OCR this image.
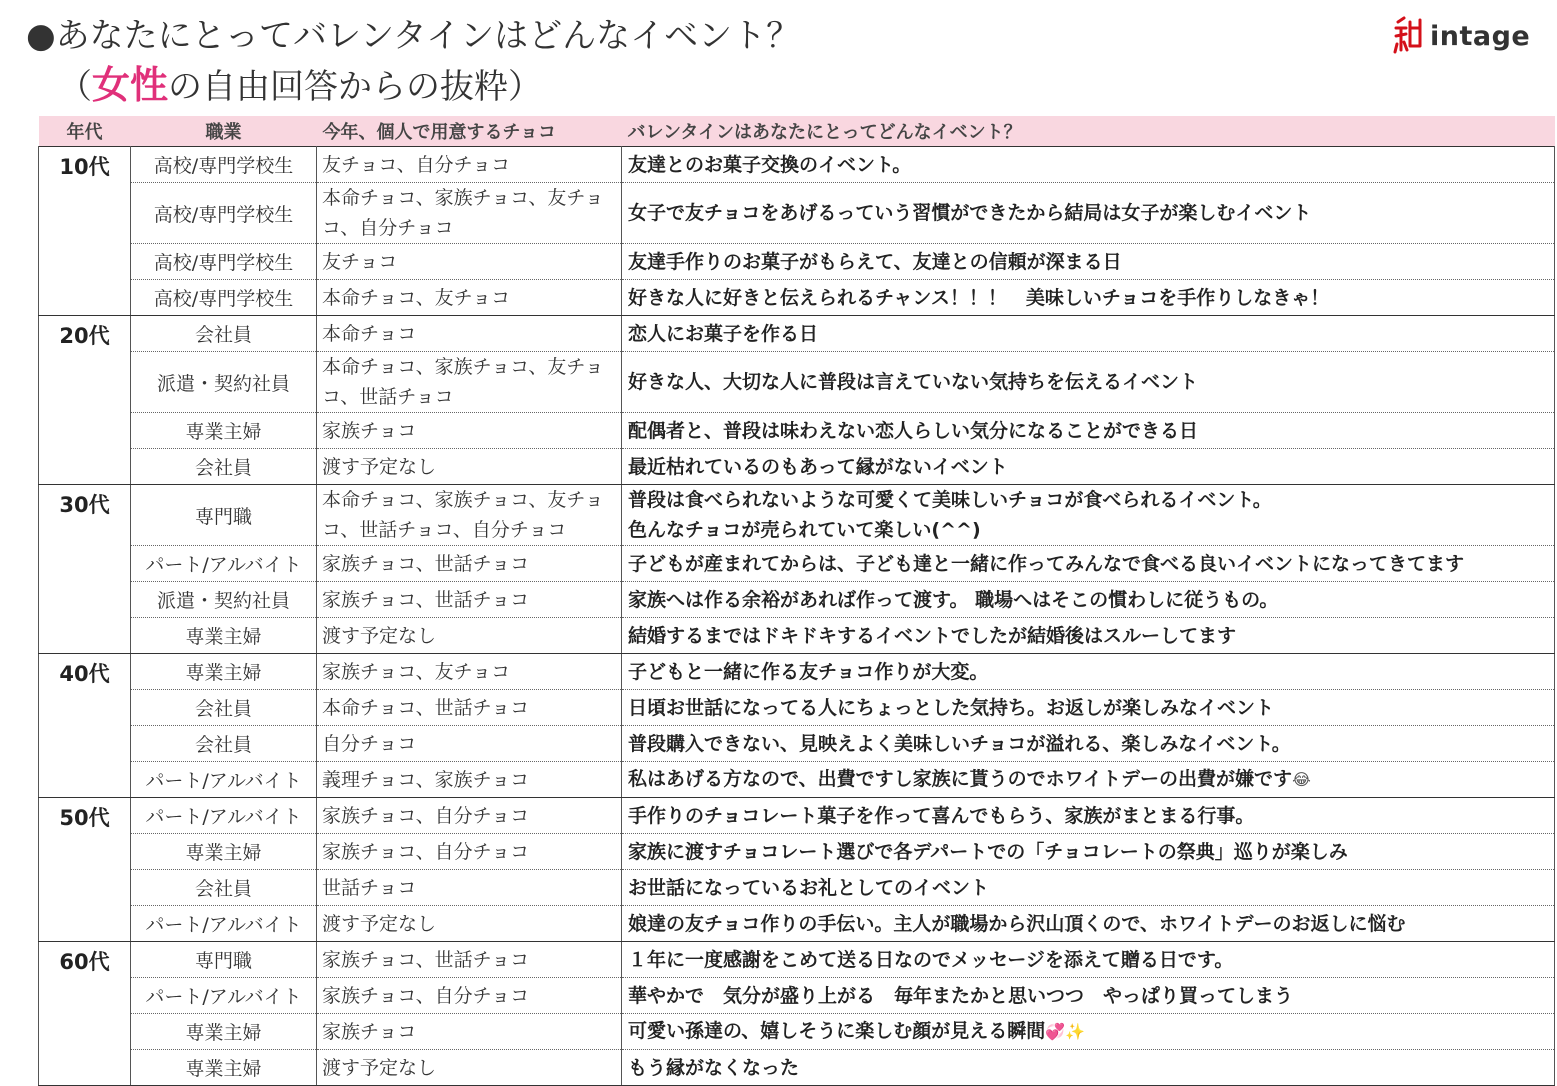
●あなたにとってバレンタインはどんなイベント？
（女性の自由回答からの抜粋）
intage
年代	職業	今年、個人で用意するチョコ	バレンタインはあなたにとってどんなイベント？
10代	高校/専門学校生	友チョコ、自分チョコ	友達とのお菓子交換のイベント。
	高校/専門学校生	本命チョコ、家族チョコ、友チョコ、自分チョコ	女子で友チョコをあげるっていう習慣ができたから結局は女子が楽しむイベント
	高校/専門学校生	友チョコ	友達手作りのお菓子がもらえて、友達との信頼が深まる日
	高校/専門学校生	本命チョコ、友チョコ	好きな人に好きと伝えられるチャンス！！！　美味しいチョコを手作りしなきゃ！
20代	会社員	本命チョコ	恋人にお菓子を作る日
	派遣・契約社員	本命チョコ、家族チョコ、友チョコ、世話チョコ	好きな人、大切な人に普段は言えていない気持ちを伝えるイベント
	専業主婦	家族チョコ	配偶者と、普段は味わえない恋人らしい気分になることができる日
	会社員	渡す予定なし	最近枯れているのもあって縁がないイベント
30代	専門職	本命チョコ、家族チョコ、友チョコ、世話チョコ、自分チョコ	普段は食べられないような可愛くて美味しいチョコが食べられるイベント。
色んなチョコが売られていて楽しい(^^)
	パート/アルバイト	家族チョコ、世話チョコ	子どもが産まれてからは、子ども達と一緒に作ってみんなで食べる良いイベントになってきてます
	派遣・契約社員	家族チョコ、世話チョコ	家族へは作る余裕があれば作って渡す。 職場へはそこの慣わしに従うもの。
	専業主婦	渡す予定なし	結婚するまではドキドキするイベントでしたが結婚後はスルーしてます
40代	専業主婦	家族チョコ、友チョコ	子どもと一緒に作る友チョコ作りが大変。
	会社員	本命チョコ、世話チョコ	日頃お世話になってる人にちょっとした気持ち。お返しが楽しみなイベント
	会社員	自分チョコ	普段購入できない、見映えよく美味しいチョコが溢れる、楽しみなイベント。
	パート/アルバイト	義理チョコ、家族チョコ	私はあげる方なので、出費ですし家族に貰うのでホワイトデーの出費が嫌です😂
50代	パート/アルバイト	家族チョコ、自分チョコ	手作りのチョコレート菓子を作って喜んでもらう、家族がまとまる行事。
	専業主婦	家族チョコ、自分チョコ	家族に渡すチョコレート選びで各デパートでの「チョコレートの祭典」巡りが楽しみ
	会社員	世話チョコ	お世話になっているお礼としてのイベント
	パート/アルバイト	渡す予定なし	娘達の友チョコ作りの手伝い。主人が職場から沢山頂くので、ホワイトデーのお返しに悩む
60代	専門職	家族チョコ、世話チョコ	１年に一度感謝をこめて送る日なのでメッセージを添えて贈る日です。
	パート/アルバイト	家族チョコ、自分チョコ	華やかで　気分が盛り上がる　毎年またかと思いつつ　やっぱり買ってしまう
	専業主婦	家族チョコ	可愛い孫達の、嬉しそうに楽しむ顔が見える瞬間💞✨
	専業主婦	渡す予定なし	もう縁がなくなった
